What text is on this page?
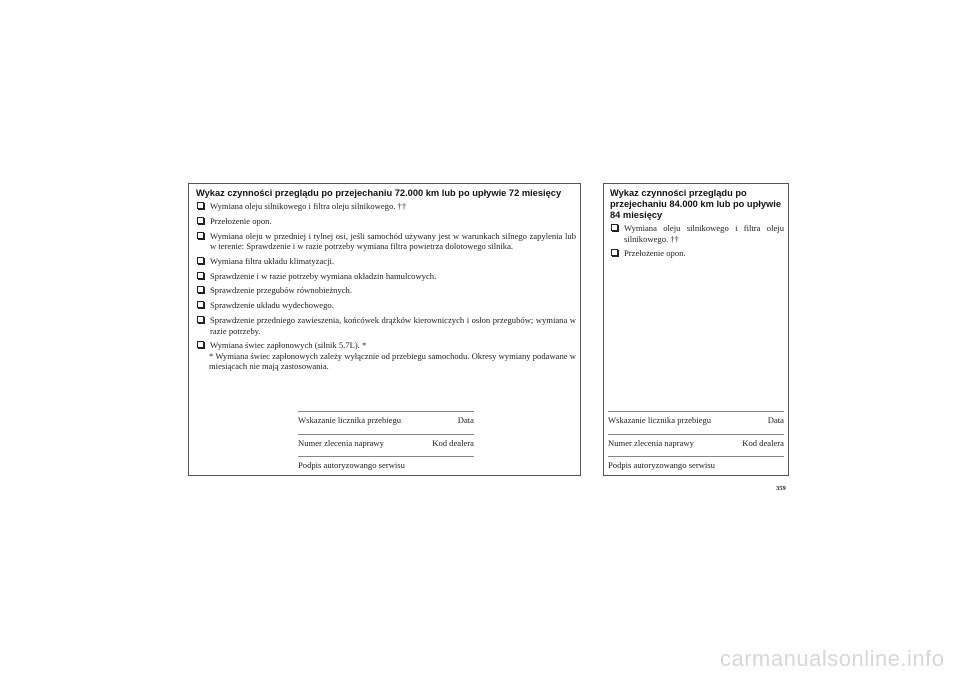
Wykaz czynności przeglądu po przejechaniu 72.000 km lub po upływie 72 miesięcy
Wymiana oleju silnikowego i filtra oleju silnikowego. ††
Przełożenie opon.
Wymiana oleju w przedniej i tylnej osi, jeśli samochód używany jest w warunkach silnego zapylenia lub w terenie: Sprawdzenie i w razie potrzeby wymiana filtra powietrza dolotowego silnika.
Wymiana filtra układu klimatyzacji.
Sprawdzenie i w razie potrzeby wymiana okładzin hamulcowych.
Sprawdzenie przegubów równobieżnych.
Sprawdzenie układu wydechowego.
Sprawdzenie przedniego zawieszenia, końcówek drążków kierowniczych i osłon przegubów; wymiana w razie potrzeby.
Wymiana świec zapłonowych (silnik 5.7L). *
* Wymiana świec zapłonowych zależy wyłącznie od przebiegu samochodu. Okresy wymiany podawane w miesiącach nie mają zastosowania.
Wskazanie licznika przebiegu	Data
Numer zlecenia naprawy	Kod dealera
Podpis autoryzowango serwisu
Wykaz czynności przeglądu po przejechaniu 84.000 km lub po upływie 84 miesięcy
Wymiana oleju silnikowego i filtra oleju silnikowego. ††
Przełożenie opon.
Wskazanie licznika przebiegu	Data
Numer zlecenia naprawy	Kod dealera
Podpis autoryzowango serwisu
359
carmanualsonline.info
